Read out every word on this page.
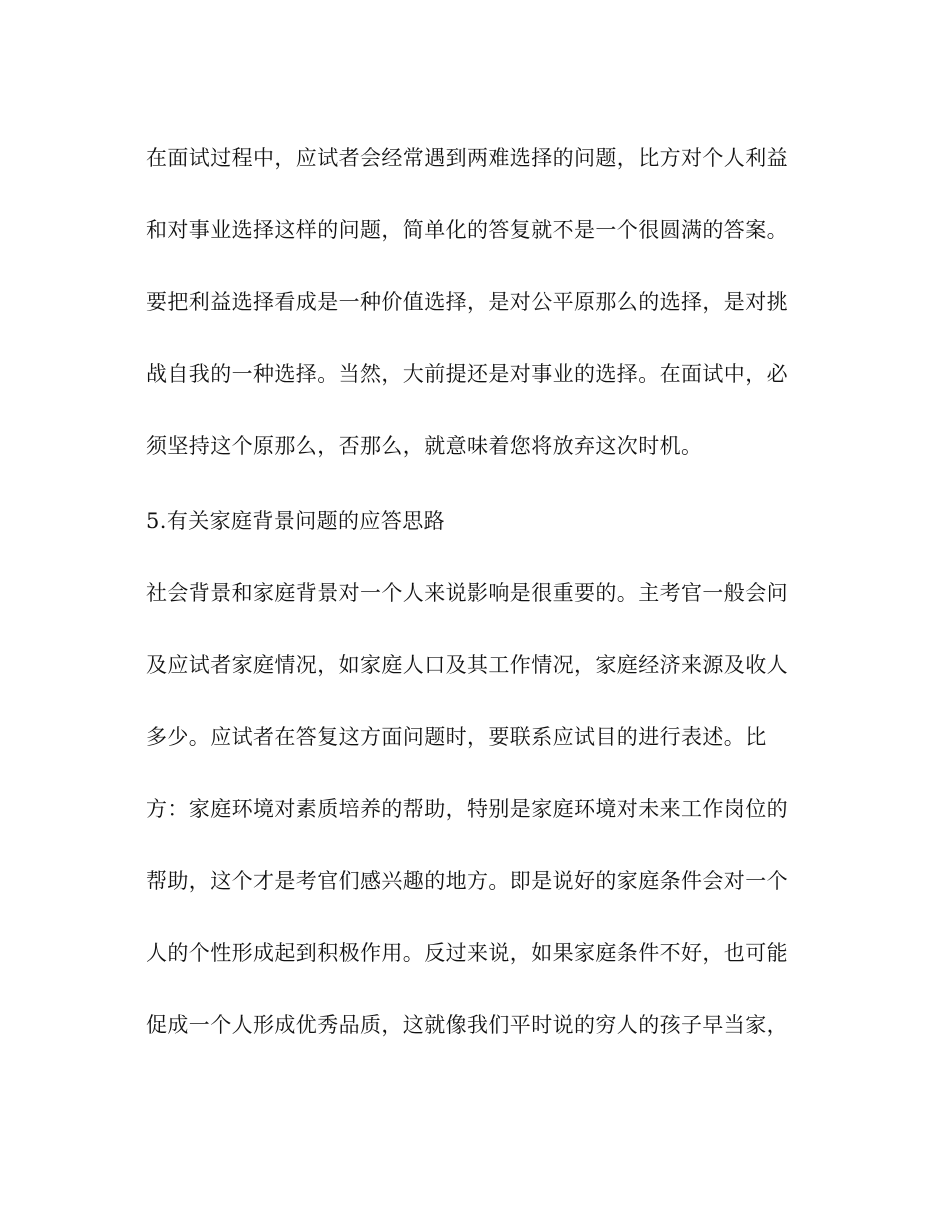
在面试过程中，应试者会经常遇到两难选择的问题，比方对个人利益
和对事业选择这样的问题，简单化的答复就不是一个很圆满的答案。
要把利益选择看成是一种价值选择，是对公平原那么的选择，是对挑
战自我的一种选择。当然，大前提还是对事业的选择。在面试中，必
须坚持这个原那么，否那么，就意味着您将放弃这次时机。
5.有关家庭背景问题的应答思路
社会背景和家庭背景对一个人来说影响是很重要的。主考官一般会问
及应试者家庭情况，如家庭人口及其工作情况，家庭经济来源及收人
多少。应试者在答复这方面问题时，要联系应试目的进行表述。比
方：家庭环境对素质培养的帮助，特别是家庭环境对未来工作岗位的
帮助，这个才是考官们感兴趣的地方。即是说好的家庭条件会对一个
人的个性形成起到积极作用。反过来说，如果家庭条件不好，也可能
促成一个人形成优秀品质，这就像我们平时说的穷人的孩子早当家，
